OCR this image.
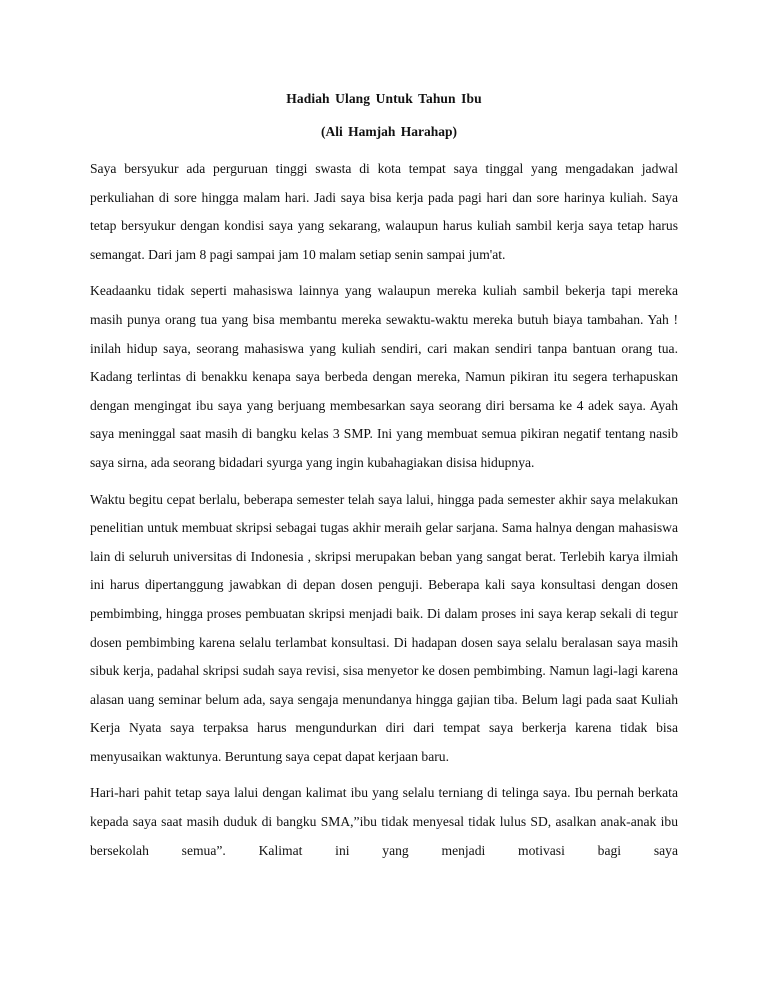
Hadiah Ulang Untuk Tahun Ibu
(Ali Hamjah Harahap)

Saya bersyukur ada perguruan tinggi swasta di kota tempat saya tinggal yang mengadakan jadwal perkuliahan di sore hingga malam hari. Jadi saya bisa kerja pada pagi hari dan sore harinya kuliah. Saya tetap bersyukur dengan kondisi saya yang sekarang, walaupun harus kuliah sambil kerja saya tetap harus semangat. Dari jam 8 pagi sampai jam 10 malam setiap senin sampai jum'at.

Keadaanku tidak seperti mahasiswa lainnya yang walaupun mereka kuliah sambil bekerja tapi mereka masih punya orang tua yang bisa membantu mereka sewaktu-waktu mereka butuh biaya tambahan. Yah ! inilah hidup saya, seorang mahasiswa yang kuliah sendiri, cari makan sendiri tanpa bantuan orang tua. Kadang terlintas di benakku kenapa saya berbeda dengan mereka, Namun pikiran itu segera terhapuskan dengan mengingat ibu saya yang berjuang membesarkan saya seorang diri bersama ke 4 adek saya. Ayah saya meninggal saat masih di bangku kelas 3 SMP. Ini yang membuat semua pikiran negatif tentang nasib saya sirna, ada seorang bidadari syurga yang ingin kubahagiakan disisa hidupnya.

Waktu begitu cepat berlalu, beberapa semester telah saya lalui, hingga pada semester akhir saya melakukan penelitian untuk membuat skripsi sebagai tugas akhir meraih gelar sarjana. Sama halnya dengan mahasiswa lain di seluruh universitas di Indonesia , skripsi merupakan beban yang sangat berat. Terlebih karya ilmiah ini harus dipertanggung jawabkan di depan dosen penguji. Beberapa kali saya konsultasi dengan dosen pembimbing, hingga proses pembuatan skripsi menjadi baik. Di dalam proses ini saya kerap sekali di tegur dosen pembimbing karena selalu terlambat konsultasi. Di hadapan dosen saya selalu beralasan saya masih sibuk kerja, padahal skripsi sudah saya revisi, sisa menyetor ke dosen pembimbing. Namun lagi-lagi karena alasan uang seminar belum ada, saya sengaja menundanya hingga gajian tiba. Belum lagi pada saat Kuliah Kerja Nyata saya terpaksa harus mengundurkan diri dari tempat saya berkerja karena tidak bisa menyusaikan waktunya. Beruntung saya cepat dapat kerjaan baru.

Hari-hari pahit tetap saya lalui dengan kalimat ibu yang selalu terniang di telinga saya. Ibu pernah berkata kepada saya saat masih duduk di bangku SMA,”ibu tidak menyesal tidak lulus SD, asalkan anak-anak ibu bersekolah semua”. Kalimat ini yang menjadi motivasi bagi saya
